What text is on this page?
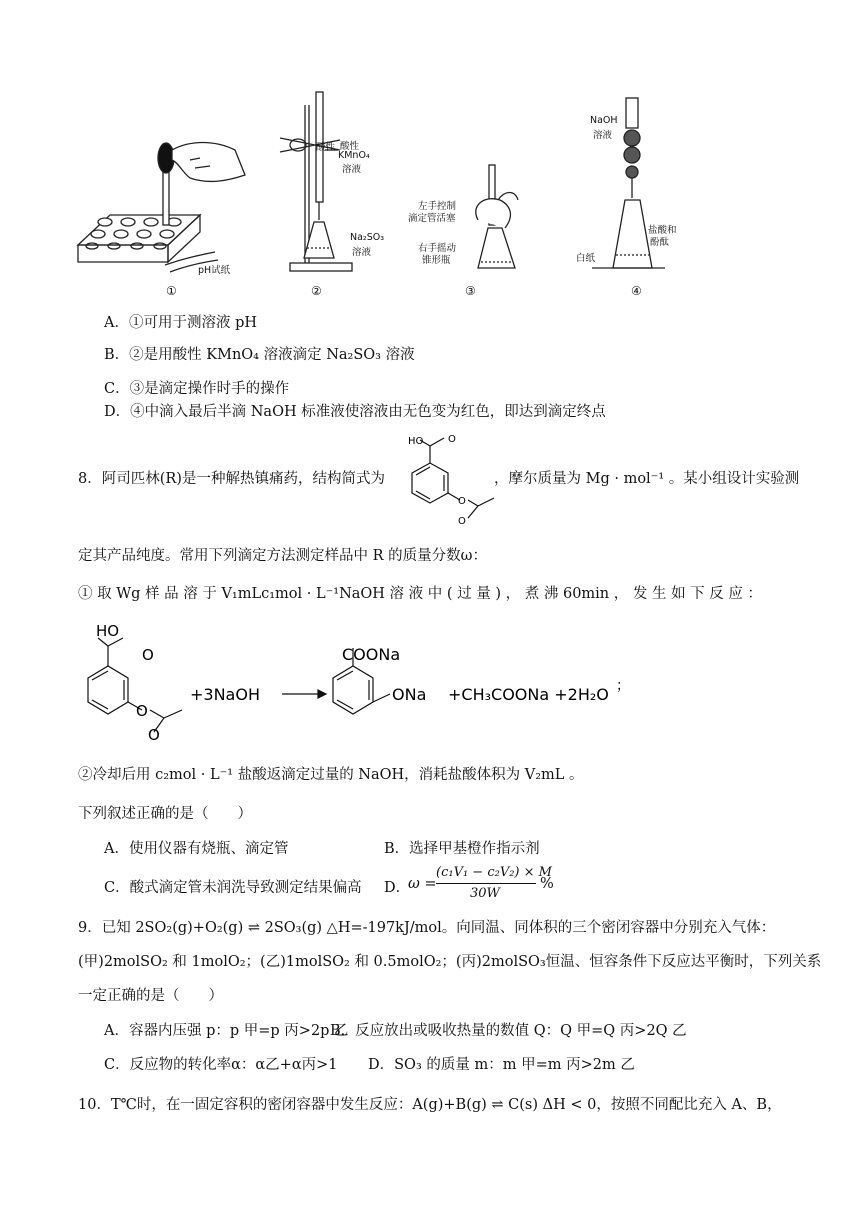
酸性
pH试纸
酸性
KMnO₄
溶液
Na₂SO₃
溶液
左手控制
滴定管活塞
右手摇动
锥形瓶
NaOH
溶液
盐酸和
酚酞
白纸
①	②	③	④
A．①可用于测溶液 pH
B．②是用酸性 KMnO₄ 溶液滴定 Na₂SO₃ 溶液
C．③是滴定操作时手的操作
D．④中滴入最后半滴 NaOH 标准液使溶液由无色变为红色，即达到滴定终点
8．阿司匹林(R)是一种解热镇痛药，结构简式为
HO O
O
O
，摩尔质量为 Mg · mol⁻¹ 。某小组设计实验测
定其产品纯度。常用下列滴定方法测定样品中 R 的质量分数ω：
① 取 Wg 样 品 溶 于 V₁mLc₁mol · L⁻¹NaOH 溶 液 中 ( 过 量 ) ， 煮 沸 60min ， 发 生 如 下 反 应 ：
HO
O
O
O
+3NaOH
COONa
ONa +CH₃COONa +2H₂O ；
②冷却后用 c₂mol · L⁻¹ 盐酸返滴定过量的 NaOH，消耗盐酸体积为 V₂mL 。
下列叙述正确的是（　　）
A．使用仪器有烧瓶、滴定管	B．选择甲基橙作指示剂
C．酸式滴定管未润洗导致测定结果偏高 D．
ω =
(c₁V₁ − c₂V₂) × M
30W
%
9．已知 2SO₂(g)+O₂(g) ⇌ 2SO₃(g) △H=-197kJ/mol。向同温、同体积的三个密闭容器中分别充入气体：
(甲)2molSO₂ 和 1molO₂；(乙)1molSO₂ 和 0.5molO₂；(丙)2molSO₃恒温、恒容条件下反应达平衡时，下列关系
一定正确的是（　　）
A．容器内压强 p：p 甲=p 丙>2p 乙
B．反应放出或吸收热量的数值 Q：Q 甲=Q 丙>2Q 乙
C．反应物的转化率α：α乙+α丙>1 D．SO₃ 的质量 m：m 甲=m 丙>2m 乙
10．T℃时，在一固定容积的密闭容器中发生反应：A(g)+B(g) ⇌ C(s) ΔH < 0，按照不同配比充入 A、B，
